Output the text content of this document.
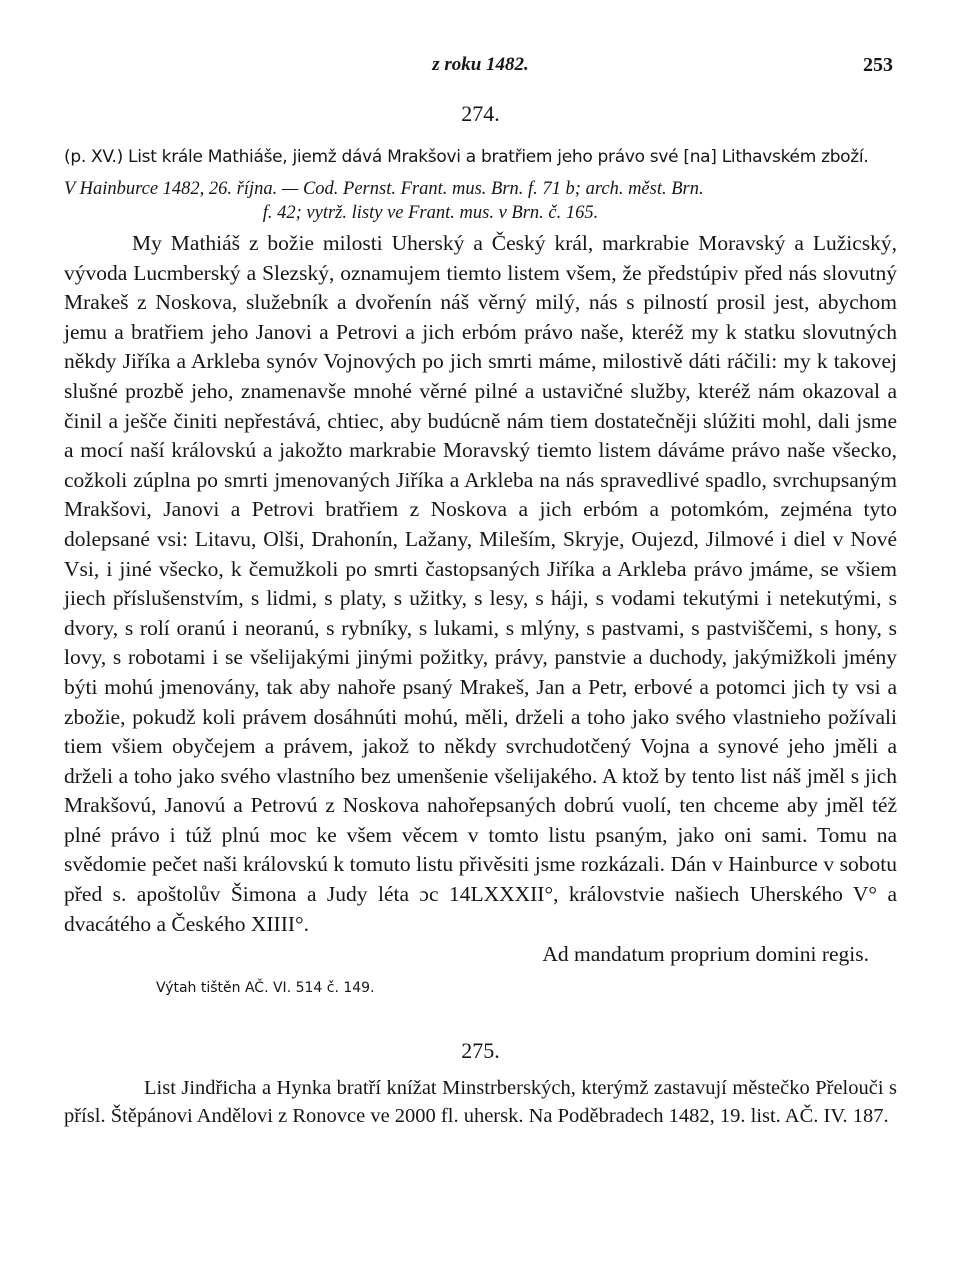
z roku 1482.	253
274.
(p. XV.) List krále Mathiáše, jiemž dává Mrakšovi a bratřiem jeho právo své [na] Lithavském zboží.
V Hainburce 1482, 26. října. — Cod. Pernst. Frant. mus. Brn. f. 71 b; arch. měst. Brn.
f. 42; vytrž. listy ve Frant. mus. v Brn. č. 165.

My Mathiáš z božie milosti Uherský a Český král, markrabie Moravský a Lužicský, vývoda Lucmberský a Slezský, oznamujem tiemto listem všem, že předstúpiv před nás slovutný Mrakeš z Noskova, služebník a dvořenín náš věrný milý, nás s pilností prosil jest, abychom jemu a bratřiem jeho Janovi a Petrovi a jich erbóm právo naše, kteréž my k statku slovutných někdy Jiříka a Arkleba synóv Vojnových po jich smrti máme, milostivě dáti ráčili: my k takovej slušné prozbě jeho, znamenavše mnohé věrné pilné a ustavičné služby, kteréž nám okazoval a činil a ješče činiti nepřestává, chtiec, aby budúcně nám tiem dostatečněji slúžiti mohl, dali jsme a mocí naší královskú a jakožto markrabie Moravský tiemto listem dáváme právo naše všecko, cožkoli zúplna po smrti jmenovaných Jiříka a Arkleba na nás spravedlivé spadlo, svrchupsaným Mrakšovi, Janovi a Petrovi bratřiem z Noskova a jich erbóm a potomkóm, zejména tyto dolepsané vsi: Litavu, Olši, Drahonín, Lažany, Mileším, Skryje, Oujezd, Jilmové i diel v Nové Vsi, i jiné všecko, k čemužkoli po smrti častopsaných Jiříka a Arkleba právo jmáme, se všiem jiech příslušenstvím, s lidmi, s platy, s užitky, s lesy, s háji, s vodami tekutými i netekutými, s dvory, s rolí oranú i neoranú, s rybníky, s lukami, s mlýny, s pastvami, s pastviščemi, s hony, s lovy, s robotami i se všelijakými jinými požitky, právy, panstvie a duchody, jakýmižkoli jmény býti mohú jmenovány, tak aby nahoře psaný Mrakeš, Jan a Petr, erbové a potomci jich ty vsi a zbožie, pokudž koli právem dosáhnúti mohú, měli, drželi a toho jako svého vlastnieho požívali tiem všiem obyčejem a právem, jakož to někdy svrchudotčený Vojna a synové jeho jměli a drželi a toho jako svého vlastního bez umenšenie všelijakého. A ktož by tento list náš jměl s jich Mrakšovú, Janovú a Petrovú z Noskova nahořepsaných dobrú vuolí, ten chceme aby jměl též plné právo i túž plnú moc ke všem věcem v tomto listu psaným, jako oni sami. Tomu na svědomie pečet naši královskú k tomuto listu přivěsiti jsme rozkázali. Dán v Hainburce v sobotu před s. apoštolův Šimona a Judy léta ɔc 14LXXXII°, královstvie našiech Uherského V° a dvacátého a Českého XIIII°.

Ad mandatum proprium domini regis.
Výtah tištěn AČ. VI. 514 č. 149.
275.

List Jindřicha a Hynka bratří knížat Minstrberských, kterýmž zastavují městečko Přelouči s přísl. Štěpánovi Andělovi z Ronovce ve 2000 fl. uhersk. Na Poděbradech 1482, 19. list. AČ. IV. 187.
